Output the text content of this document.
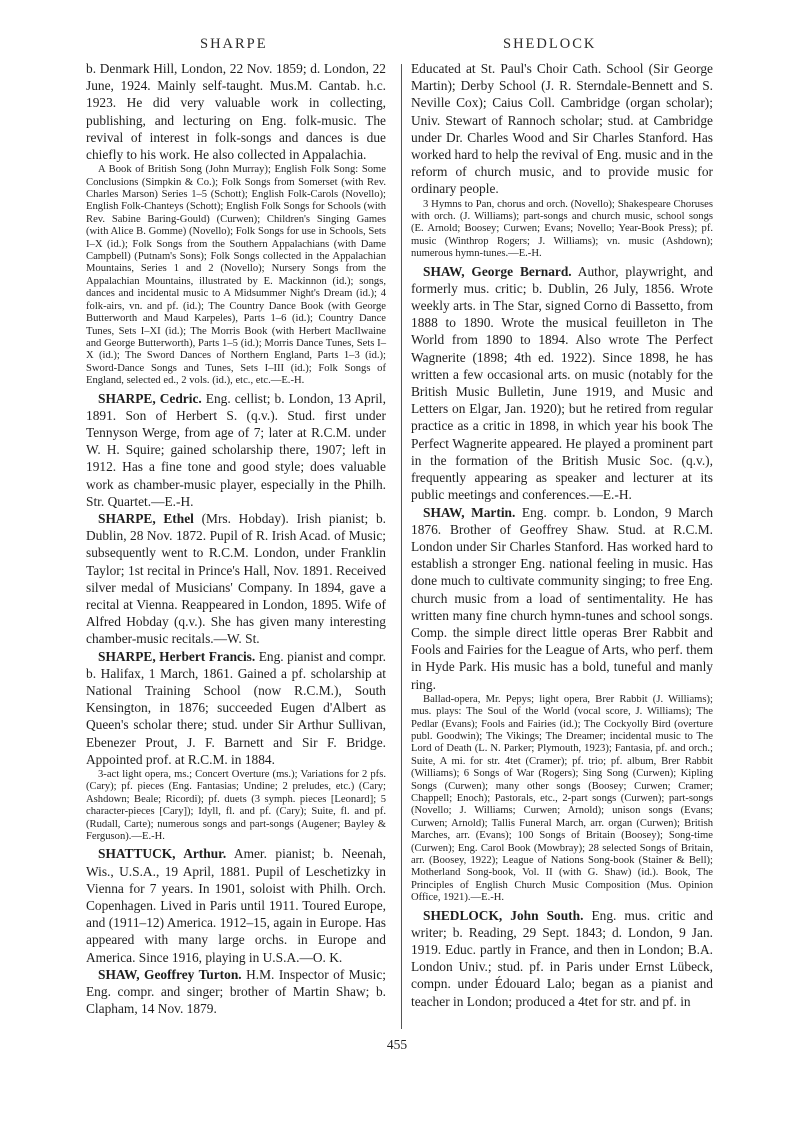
SHARPE	SHEDLOCK

b. Denmark Hill, London, 22 Nov. 1859; d. London, 22 June, 1924. Mainly self-taught. Mus.M. Cantab. h.c. 1923. He did very valuable work in collecting, publishing, and lecturing on Eng. folk-music. The revival of interest in folk-songs and dances is due chiefly to his work. He also collected in Appalachia.

A Book of British Song (John Murray); English Folk Song: Some Conclusions (Simpkin & Co.); Folk Songs from Somerset (with Rev. Charles Marson) Series 1–5 (Schott); English Folk-Carols (Novello); English Folk-Chanteys (Schott); English Folk Songs for Schools (with Rev. Sabine Baring-Gould) (Curwen); Children's Singing Games (with Alice B. Gomme) (Novello); Folk Songs for use in Schools, Sets I–X (id.); Folk Songs from the Southern Appalachians (with Dame Campbell) (Putnam's Sons); Folk Songs collected in the Appalachian Mountains, Series 1 and 2 (Novello); Nursery Songs from the Appalachian Mountains, illustrated by E. Mackinnon (id.); songs, dances and incidental music to A Midsummer Night's Dream (id.); 4 folk-airs, vn. and pf. (id.); The Country Dance Book (with George Butterworth and Maud Karpeles), Parts 1–6 (id.); Country Dance Tunes, Sets I–XI (id.); The Morris Book (with Herbert MacIlwaine and George Butterworth), Parts 1–5 (id.); Morris Dance Tunes, Sets I–X (id.); The Sword Dances of Northern England, Parts 1–3 (id.); Sword-Dance Songs and Tunes, Sets I–III (id.); Folk Songs of England, selected ed., 2 vols. (id.), etc., etc.—E.-H.

SHARPE, Cedric. Eng. cellist; b. London, 13 April, 1891. Son of Herbert S. (q.v.). Stud. first under Tennyson Werge, from age of 7; later at R.C.M. under W. H. Squire; gained scholarship there, 1907; left in 1912. Has a fine tone and good style; does valuable work as chamber-music player, especially in the Philh. Str. Quartet.—E.-H.

SHARPE, Ethel (Mrs. Hobday). Irish pianist; b. Dublin, 28 Nov. 1872. Pupil of R. Irish Acad. of Music; subsequently went to R.C.M. London, under Franklin Taylor; 1st recital in Prince's Hall, Nov. 1891. Received silver medal of Musicians' Company. In 1894, gave a recital at Vienna. Reappeared in London, 1895. Wife of Alfred Hobday (q.v.). She has given many interesting chamber-music recitals.—W. St.

SHARPE, Herbert Francis. Eng. pianist and compr. b. Halifax, 1 March, 1861. Gained a pf. scholarship at National Training School (now R.C.M.), South Kensington, in 1876; succeeded Eugen d'Albert as Queen's scholar there; stud. under Sir Arthur Sullivan, Ebenezer Prout, J. F. Barnett and Sir F. Bridge. Appointed prof. at R.C.M. in 1884.

3-act light opera, ms.; Concert Overture (ms.); Variations for 2 pfs. (Cary); pf. pieces (Eng. Fantasias; Undine; 2 preludes, etc.) (Cary; Ashdown; Beale; Ricordi); pf. duets (3 symph. pieces [Leonard]; 5 character-pieces [Cary]); Idyll, fl. and pf. (Cary); Suite, fl. and pf. (Rudall, Carte); numerous songs and part-songs (Augener; Bayley & Ferguson).—E.-H.

SHATTUCK, Arthur. Amer. pianist; b. Neenah, Wis., U.S.A., 19 April, 1881. Pupil of Leschetizky in Vienna for 7 years. In 1901, soloist with Philh. Orch. Copenhagen. Lived in Paris until 1911. Toured Europe, and (1911–12) America. 1912–15, again in Europe. Has appeared with many large orchs. in Europe and America. Since 1916, playing in U.S.A.—O. K.

SHAW, Geoffrey Turton. H.M. Inspector of Music; Eng. compr. and singer; brother of Martin Shaw; b. Clapham, 14 Nov. 1879.

Educated at St. Paul's Choir Cath. School (Sir George Martin); Derby School (J. R. Sterndale-Bennett and S. Neville Cox); Caius Coll. Cambridge (organ scholar); Univ. Stewart of Rannoch scholar; stud. at Cambridge under Dr. Charles Wood and Sir Charles Stanford. Has worked hard to help the revival of Eng. music and in the reform of church music, and to provide music for ordinary people.

3 Hymns to Pan, chorus and orch. (Novello); Shakespeare Choruses with orch. (J. Williams); part-songs and church music, school songs (E. Arnold; Boosey; Curwen; Evans; Novello; Year-Book Press); pf. music (Winthrop Rogers; J. Williams); vn. music (Ashdown); numerous hymn-tunes.—E.-H.

SHAW, George Bernard. Author, playwright, and formerly mus. critic; b. Dublin, 26 July, 1856. Wrote weekly arts. in The Star, signed Corno di Bassetto, from 1888 to 1890. Wrote the musical feuilleton in The World from 1890 to 1894. Also wrote The Perfect Wagnerite (1898; 4th ed. 1922). Since 1898, he has written a few occasional arts. on music (notably for the British Music Bulletin, June 1919, and Music and Letters on Elgar, Jan. 1920); but he retired from regular practice as a critic in 1898, in which year his book The Perfect Wagnerite appeared. He played a prominent part in the formation of the British Music Soc. (q.v.), frequently appearing as speaker and lecturer at its public meetings and conferences.—E.-H.

SHAW, Martin. Eng. compr. b. London, 9 March 1876. Brother of Geoffrey Shaw. Stud. at R.C.M. London under Sir Charles Stanford. Has worked hard to establish a stronger Eng. national feeling in music. Has done much to cultivate community singing; to free Eng. church music from a load of sentimentality. He has written many fine church hymn-tunes and school songs. Comp. the simple direct little operas Brer Rabbit and Fools and Fairies for the League of Arts, who perf. them in Hyde Park. His music has a bold, tuneful and manly ring.

Ballad-opera, Mr. Pepys; light opera, Brer Rabbit (J. Williams); mus. plays: The Soul of the World (vocal score, J. Williams); The Pedlar (Evans); Fools and Fairies (id.); The Cockyolly Bird (overture publ. Goodwin); The Vikings; The Dreamer; incidental music to The Lord of Death (L. N. Parker; Plymouth, 1923); Fantasia, pf. and orch.; Suite, A mi. for str. 4tet (Cramer); pf. trio; pf. album, Brer Rabbit (Williams); 6 Songs of War (Rogers); Sing Song (Curwen); Kipling Songs (Curwen); many other songs (Boosey; Curwen; Cramer; Chappell; Enoch); Pastorals, etc., 2-part songs (Curwen); part-songs (Novello; J. Williams; Curwen; Arnold); unison songs (Evans; Curwen; Arnold); Tallis Funeral March, arr. organ (Curwen); British Marches, arr. (Evans); 100 Songs of Britain (Boosey); Song-time (Curwen); Eng. Carol Book (Mowbray); 28 selected Songs of Britain, arr. (Boosey, 1922); League of Nations Song-book (Stainer & Bell); Motherland Song-book, Vol. II (with G. Shaw) (id.). Book, The Principles of English Church Music Composition (Mus. Opinion Office, 1921).—E.-H.

SHEDLOCK, John South. Eng. mus. critic and writer; b. Reading, 29 Sept. 1843; d. London, 9 Jan. 1919. Educ. partly in France, and then in London; B.A. London Univ.; stud. pf. in Paris under Ernst Lübeck, compn. under Édouard Lalo; began as a pianist and teacher in London; produced a 4tet for str. and pf. in

455
